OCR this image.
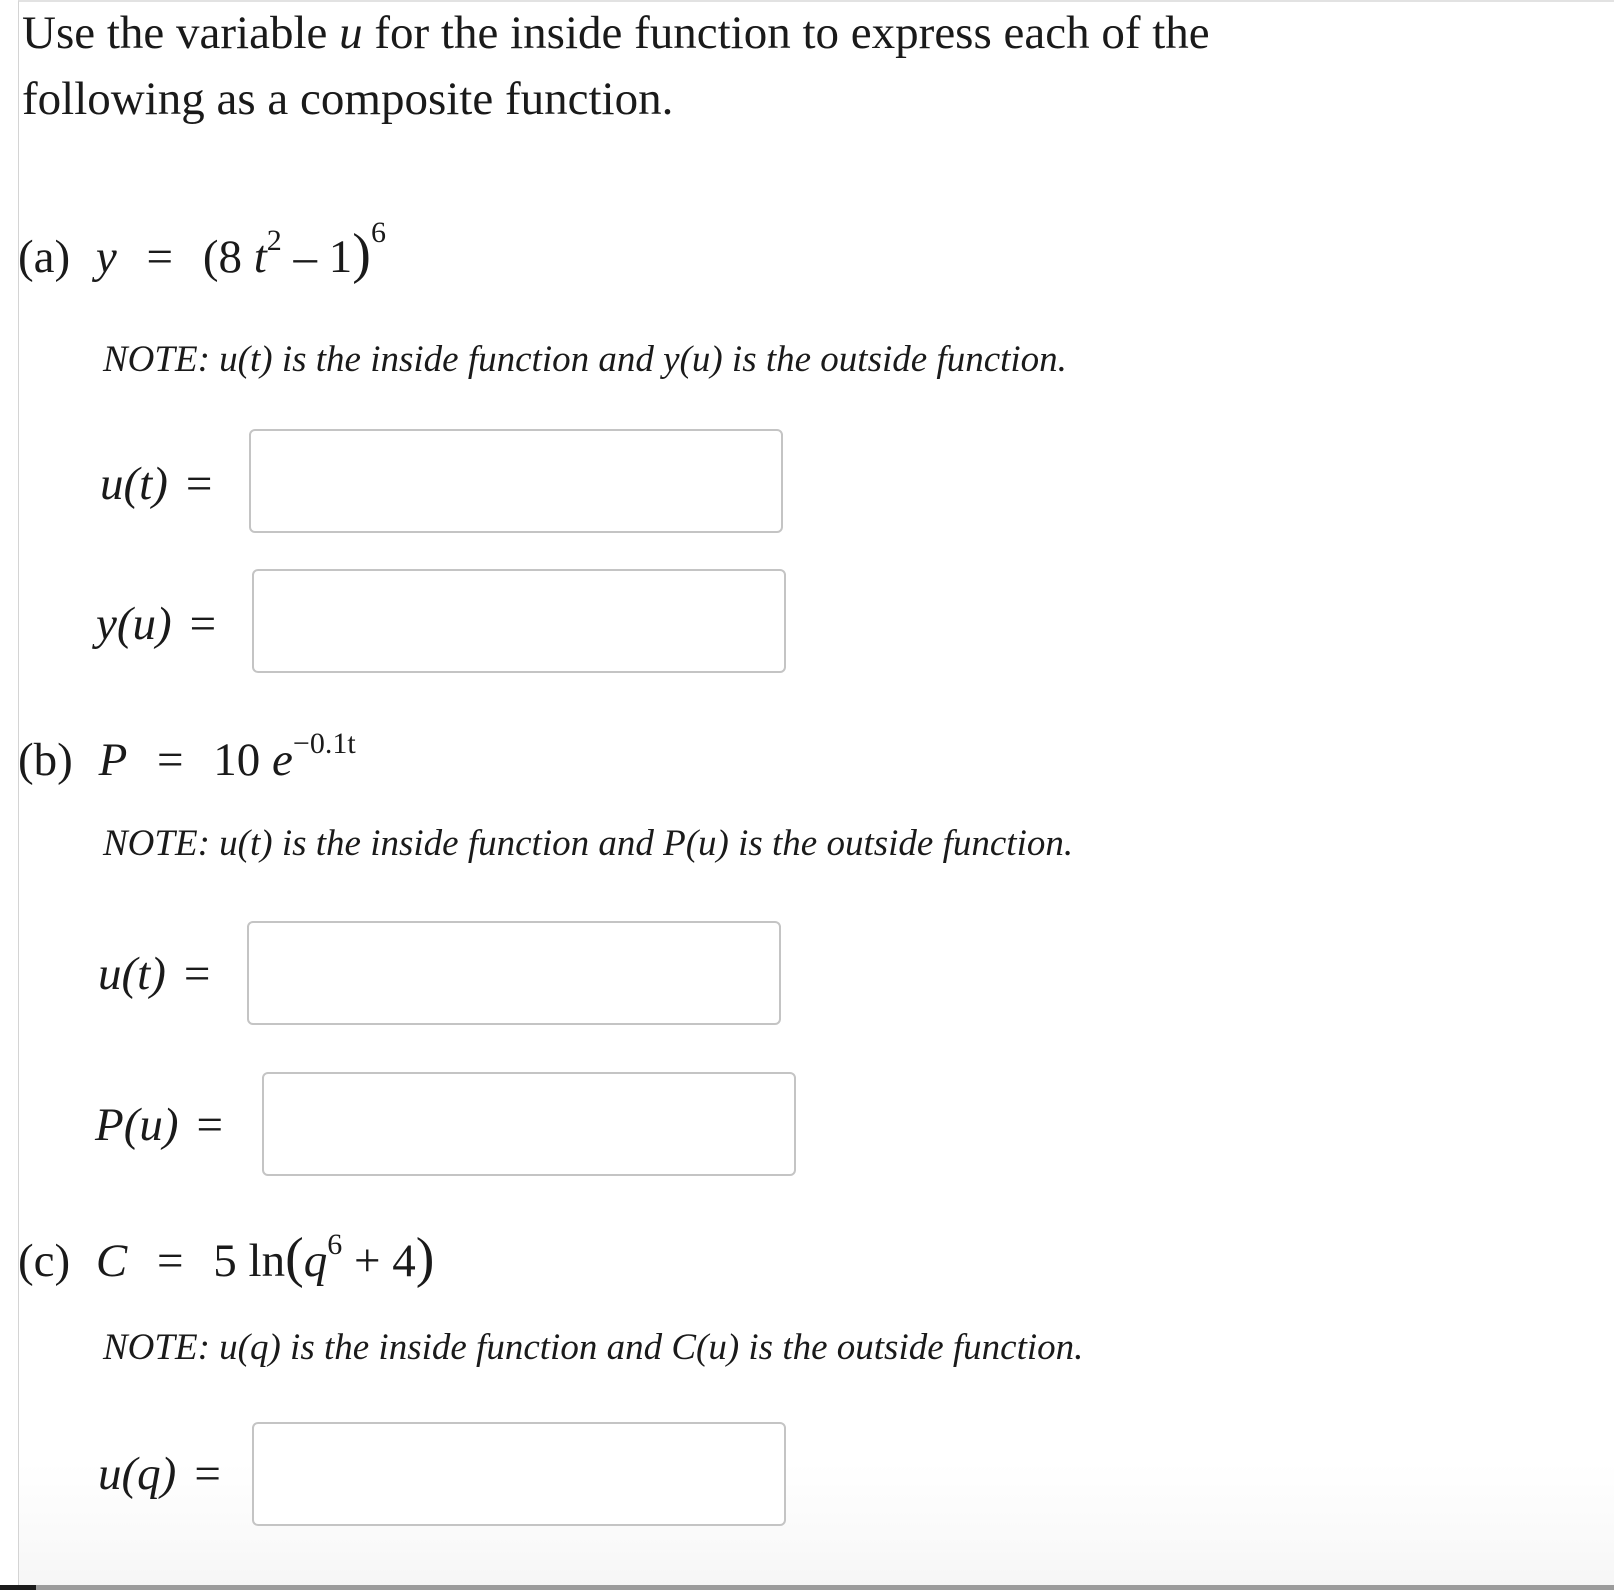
Use the variable u for the inside function to express each of the
following as a composite function.

(a) y = (8 $t^2 - 1)^6$
NOTE: u(t) is the inside function and y(u) is the outside function.
u(t) =
y(u) =
(b) P = 10 $e^{-0.1t}$
NOTE: u(t) is the inside function and P(u) is the outside function.
u(t) =
P(u) =
(c) C = 5 $\ln(q^6 + 4)$
NOTE: u(q) is the inside function and C(u) is the outside function.
u(q) =
